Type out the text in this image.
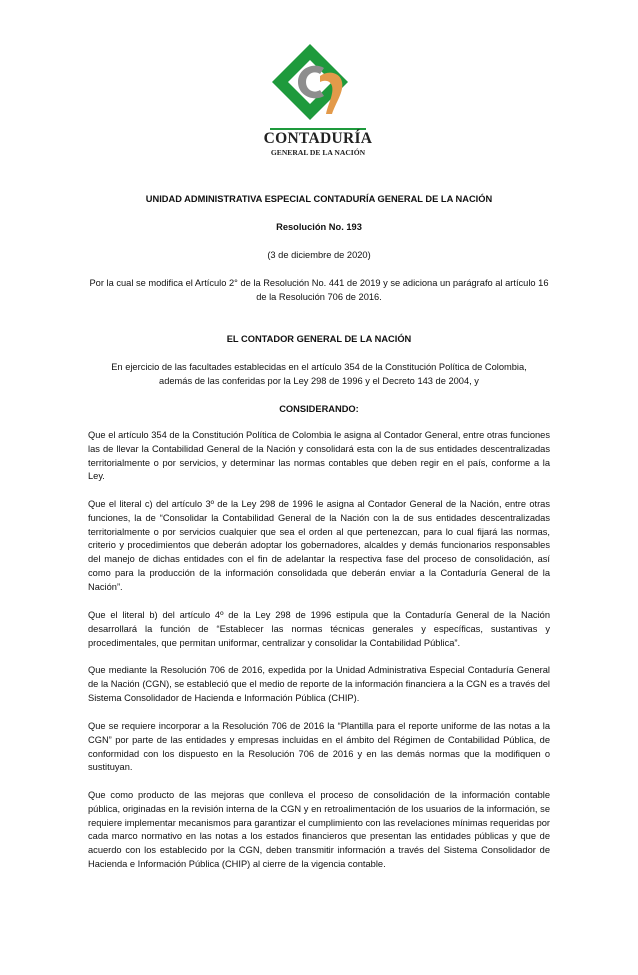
CONTADURÍA
GENERAL DE LA NACIÓN
UNIDAD ADMINISTRATIVA ESPECIAL CONTADURÍA GENERAL DE LA NACIÓN
Resolución No. 193
(3 de diciembre de 2020)
Por la cual se modifica el Artículo 2° de la Resolución No. 441 de 2019 y se adiciona un parágrafo al artículo 16 de la Resolución 706 de 2016.
EL CONTADOR GENERAL DE LA NACIÓN
En ejercicio de las facultades establecidas en el artículo 354 de la Constitución Política de Colombia, además de las conferidas por la Ley 298 de 1996 y el Decreto 143 de 2004, y
CONSIDERANDO:
Que el artículo 354 de la Constitución Política de Colombia le asigna al Contador General, entre otras funciones las de llevar la Contabilidad General de la Nación y consolidará esta con la de sus entidades descentralizadas territorialmente o por servicios, y determinar las normas contables que deben regir en el país, conforme a la Ley.
Que el literal c) del artículo 3º de la Ley 298 de 1996 le asigna al Contador General de la Nación, entre otras funciones, la de “Consolidar la Contabilidad General de la Nación con la de sus entidades descentralizadas territorialmente o por servicios cualquier que sea el orden al que pertenezcan, para lo cual fijará las normas, criterio y procedimientos que deberán adoptar los gobernadores, alcaldes y demás funcionarios responsables del manejo de dichas entidades con el fin de adelantar la respectiva fase del proceso de consolidación, así como para la producción de la información consolidada que deberán enviar a la Contaduría General de la Nación”.
Que el literal b) del artículo 4º de la Ley 298 de 1996 estipula que la Contaduría General de la Nación desarrollará la función de “Establecer las normas técnicas generales y específicas, sustantivas y procedimentales, que permitan uniformar, centralizar y consolidar la Contabilidad Pública”.
Que mediante la Resolución 706 de 2016, expedida por la Unidad Administrativa Especial Contaduría General de la Nación (CGN), se estableció que el medio de reporte de la información financiera a la CGN es a través del Sistema Consolidador de Hacienda e Información Pública (CHIP).
Que se requiere incorporar a la Resolución 706 de 2016 la “Plantilla para el reporte uniforme de las notas a la CGN” por parte de las entidades y empresas incluidas en el ámbito del Régimen de Contabilidad Pública, de conformidad con los dispuesto en la Resolución 706 de 2016 y en las demás normas que la modifiquen o sustituyan.
Que como producto de las mejoras que conlleva el proceso de consolidación de la información contable pública, originadas en la revisión interna de la CGN y en retroalimentación de los usuarios de la información, se requiere implementar mecanismos para garantizar el cumplimiento con las revelaciones mínimas requeridas por cada marco normativo en las notas a los estados financieros que presentan las entidades públicas y que de acuerdo con los establecido por la CGN, deben transmitir información a través del Sistema Consolidador de Hacienda e Información Pública (CHIP) al cierre de la vigencia contable.
